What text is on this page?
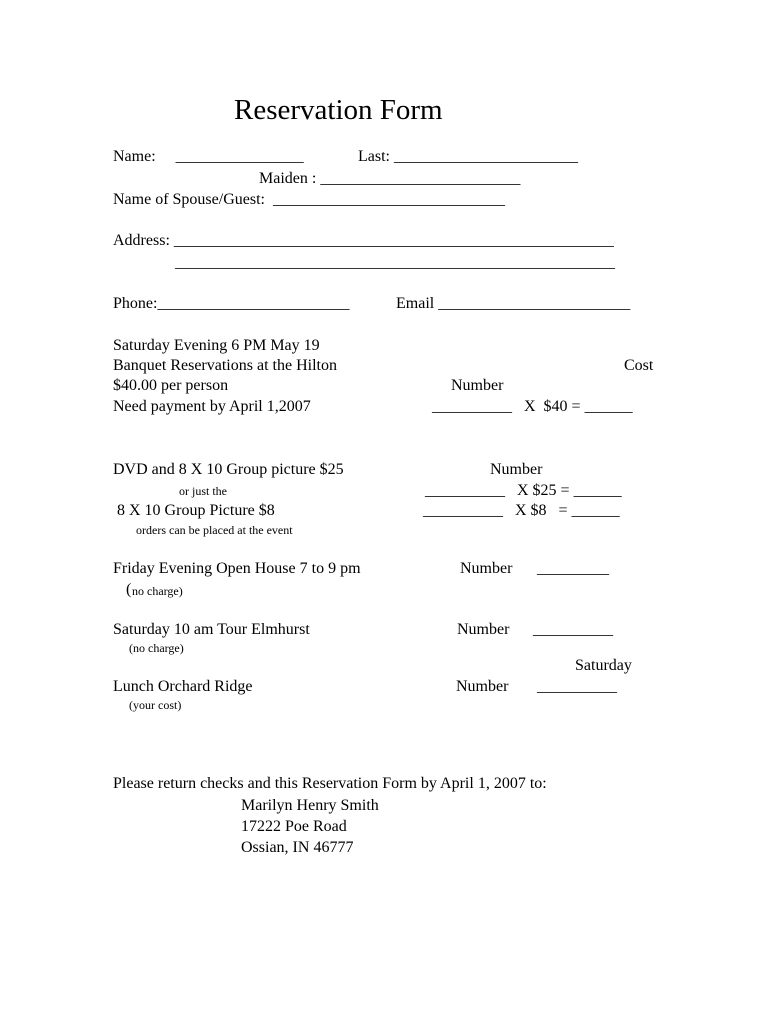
Reservation Form
Name:     ________________	Last: _______________________
Maiden : _________________________
Name of Spouse/Guest:  _____________________________
Address: _______________________________________________________
_______________________________________________________
Phone:________________________	Email ________________________
Saturday Evening 6 PM May 19
Banquet Reservations at the Hilton	Cost
$40.00 per person	Number
Need payment by April 1,2007	__________   X  $40 = ______
DVD and 8 X 10 Group picture $25	Number
or just the	__________   X $25 = ______
8 X 10 Group Picture $8	__________   X $8   = ______
orders can be placed at the event
Friday Evening Open House 7 to 9 pm	Number _________
( no charge)
Saturday 10 am Tour Elmhurst	Number __________
(no charge)
Saturday
Lunch Orchard Ridge	Number __________
(your cost)
Please return checks and this Reservation Form by April 1, 2007 to:
Marilyn Henry Smith
17222 Poe Road
Ossian, IN 46777
